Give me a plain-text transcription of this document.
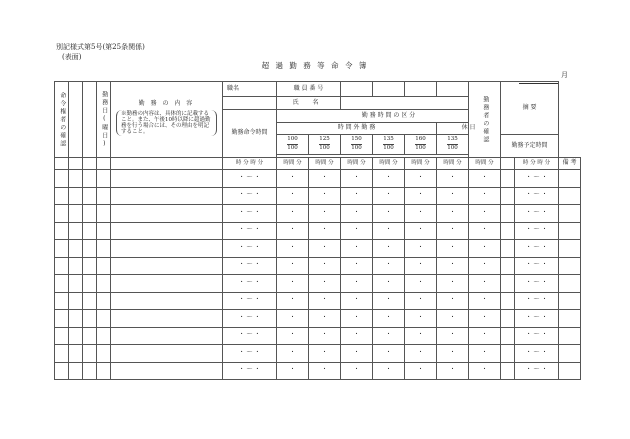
別記様式第5号(第25条関係)
(表面)
超 過 勤 務 等 命 令 簿
月
命令権者の確認			勤務日(曜日)	勤 務 の 内 容
※勤務の内容は、具体的に記載すること。また、午後10時以降に超過勤務を行う場合には、その理由を明記すること。	職名	職 員 番 号						勤務者の確認	摘 要		
						氏 名									
					勤務命令時間	勤 務 時 間 の 区 分									
						時 間 外 勤 務					休 日				

						$\frac{100}{100}$	$\frac{125}{100}$	$\frac{150}{100}$	$\frac{135}{100}$	$\frac{160}{100}$	$\frac{135}{100}$		勤務予定時間		

					時 分 時 分	時間 分	時間 分	時間 分	時間 分	時間 分	時間 分	時間 分		時 分 時 分	備 考
					・ ～ ・	・	・	・	・	・	・	・		・ ～ ・	
					・ ～ ・	・	・	・	・	・	・	・		・ ～ ・	
					・ ～ ・	・	・	・	・	・	・	・		・ ～ ・	
					・ ～ ・	・	・	・	・	・	・	・		・ ～ ・	
					・ ～ ・	・	・	・	・	・	・	・		・ ～ ・	
					・ ～ ・	・	・	・	・	・	・	・		・ ～ ・	
					・ ～ ・	・	・	・	・	・	・	・		・ ～ ・	
					・ ～ ・	・	・	・	・	・	・	・		・ ～ ・	
					・ ～ ・	・	・	・	・	・	・	・		・ ～ ・	
					・ ～ ・	・	・	・	・	・	・	・		・ ～ ・	
					・ ～ ・	・	・	・	・	・	・	・		・ ～ ・	
					・ ～ ・	・	・	・	・	・	・	・		・ ～ ・	
